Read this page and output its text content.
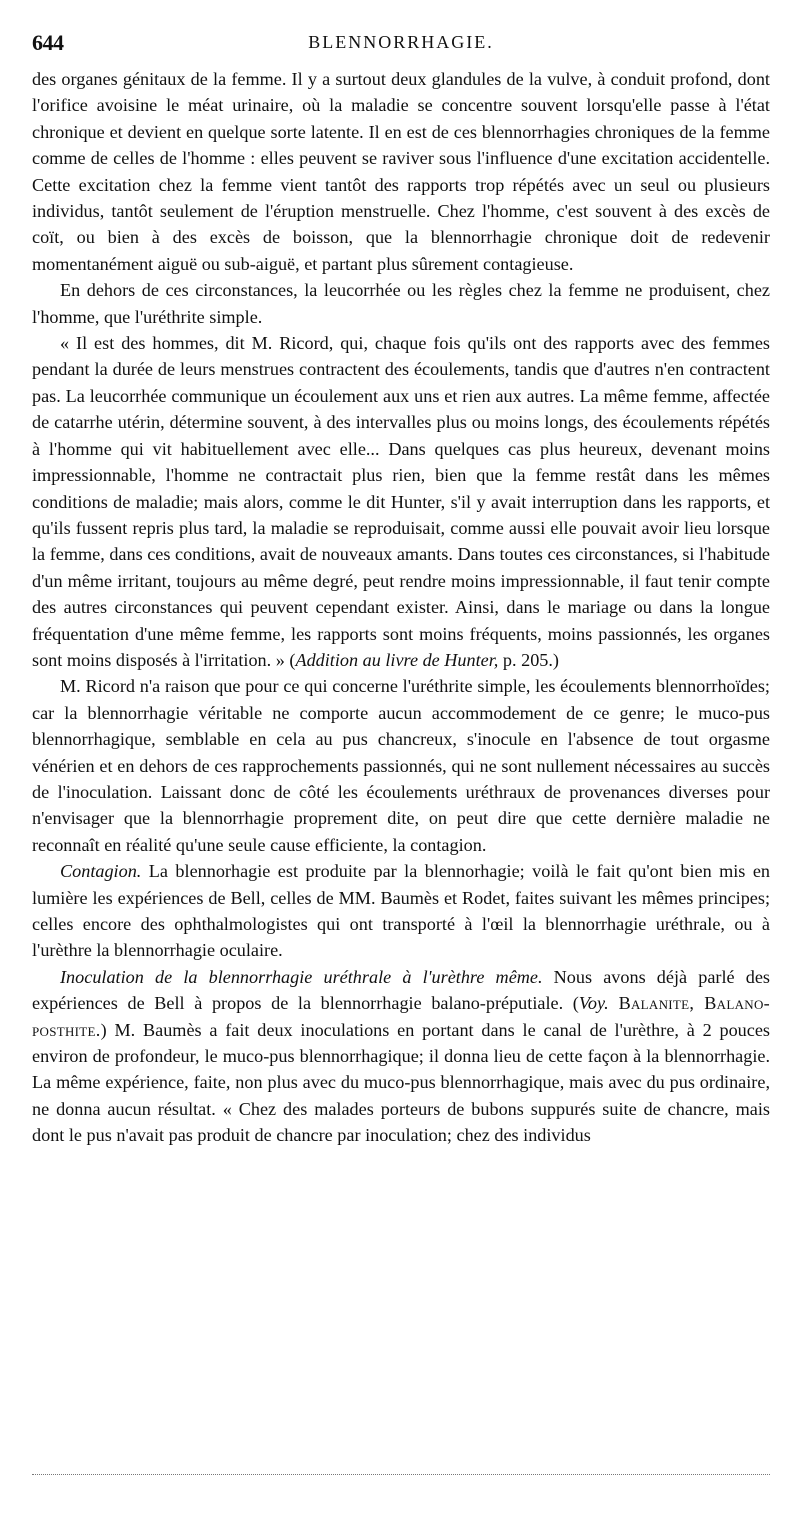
644	BLENNORRHAGIE.

des organes génitaux de la femme. Il y a surtout deux glandules de la vulve, à conduit profond, dont l'orifice avoisine le méat urinaire, où la maladie se concentre souvent lorsqu'elle passe à l'état chronique et devient en quelque sorte latente. Il en est de ces blennorrhagies chroniques de la femme comme de celles de l'homme : elles peuvent se raviver sous l'influence d'une excitation accidentelle. Cette excitation chez la femme vient tantôt des rapports trop répétés avec un seul ou plusieurs individus, tantôt seulement de l'éruption menstruelle. Chez l'homme, c'est souvent à des excès de coït, ou bien à des excès de boisson, que la blennorrhagie chronique doit de redevenir momentanément aiguë ou sub-aiguë, et partant plus sûrement contagieuse.

En dehors de ces circonstances, la leucorrhée ou les règles chez la femme ne produisent, chez l'homme, que l'uréthrite simple.

« Il est des hommes, dit M. Ricord, qui, chaque fois qu'ils ont des rapports avec des femmes pendant la durée de leurs menstrues contractent des écoulements, tandis que d'autres n'en contractent pas. La leucorrhée communique un écoulement aux uns et rien aux autres. La même femme, affectée de catarrhe utérin, détermine souvent, à des intervalles plus ou moins longs, des écoulements répétés à l'homme qui vit habituellement avec elle... Dans quelques cas plus heureux, devenant moins impressionnable, l'homme ne contractait plus rien, bien que la femme restât dans les mêmes conditions de maladie; mais alors, comme le dit Hunter, s'il y avait interruption dans les rapports, et qu'ils fussent repris plus tard, la maladie se reproduisait, comme aussi elle pouvait avoir lieu lorsque la femme, dans ces conditions, avait de nouveaux amants. Dans toutes ces circonstances, si l'habitude d'un même irritant, toujours au même degré, peut rendre moins impressionnable, il faut tenir compte des autres circonstances qui peuvent cependant exister. Ainsi, dans le mariage ou dans la longue fréquentation d'une même femme, les rapports sont moins fréquents, moins passionnés, les organes sont moins disposés à l'irritation. » (Addition au livre de Hunter, p. 205.)

M. Ricord n'a raison que pour ce qui concerne l'uréthrite simple, les écoulements blennorrhoïdes; car la blennorrhagie véritable ne comporte aucun accommodement de ce genre; le muco-pus blennorrhagique, semblable en cela au pus chancreux, s'inocule en l'absence de tout orgasme vénérien et en dehors de ces rapprochements passionnés, qui ne sont nullement nécessaires au succès de l'inoculation. Laissant donc de côté les écoulements uréthraux de provenances diverses pour n'envisager que la blennorrhagie proprement dite, on peut dire que cette dernière maladie ne reconnaît en réalité qu'une seule cause efficiente, la contagion.

Contagion. La blennorhagie est produite par la blennorhagie; voilà le fait qu'ont bien mis en lumière les expériences de Bell, celles de MM. Baumès et Rodet, faites suivant les mêmes principes; celles encore des ophthalmologistes qui ont transporté à l'œil la blennorrhagie uréthrale, ou à l'urèthre la blennorrhagie oculaire.

Inoculation de la blennorrhagie uréthrale à l'urèthre même. Nous avons déjà parlé des expériences de Bell à propos de la blennorrhagie balano-préputiale. (Voy. Balanite, Balano-posthite.) M. Baumès a fait deux inoculations en portant dans le canal de l'urèthre, à 2 pouces environ de profondeur, le muco-pus blennorrhagique; il donna lieu de cette façon à la blennorrhagie. La même expérience, faite, non plus avec du muco-pus blennorrhagique, mais avec du pus ordinaire, ne donna aucun résultat. « Chez des malades porteurs de bubons suppurés suite de chancre, mais dont le pus n'avait pas produit de chancre par inoculation; chez des individus
